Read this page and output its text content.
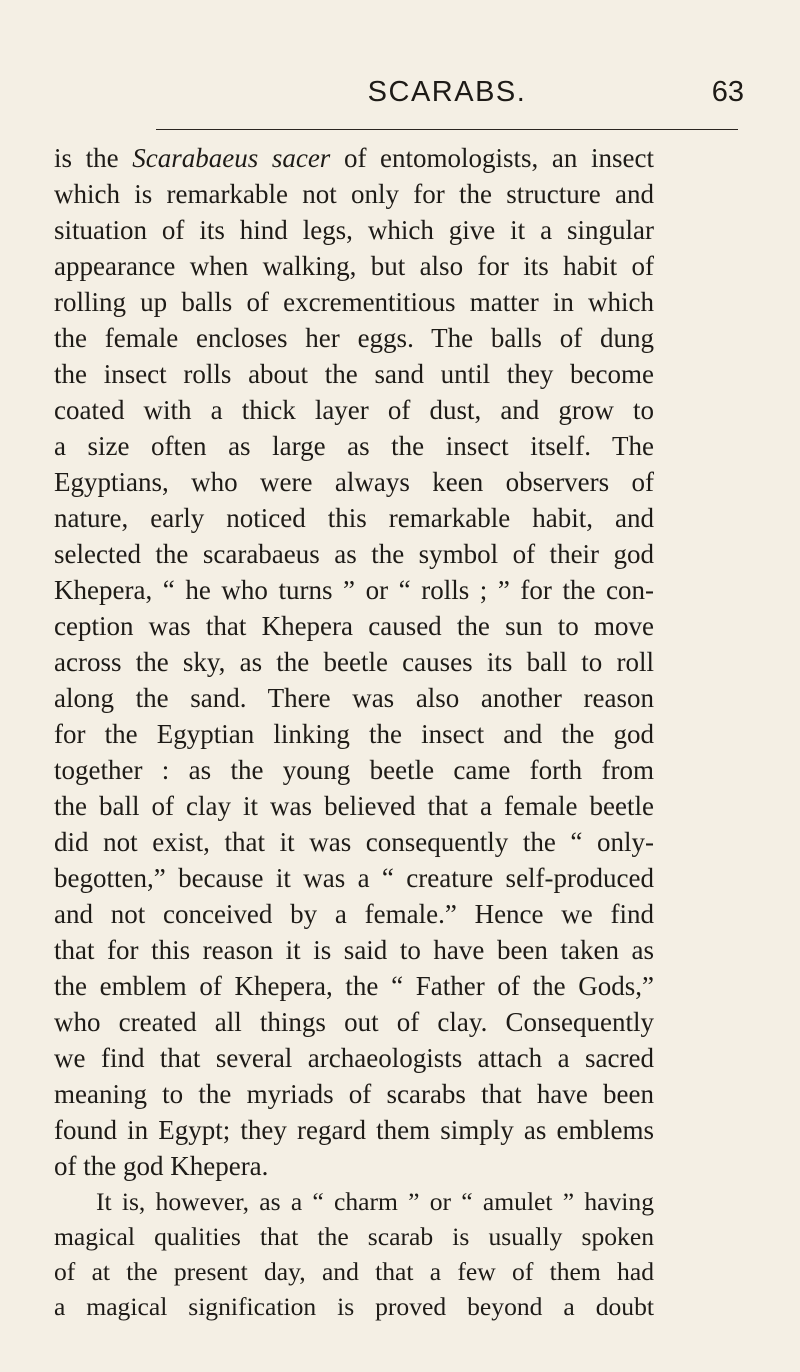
SCARABS.	63
is the Scarabaeus sacer of entomologists, an insect
which is remarkable not only for the structure and
situation of its hind legs, which give it a singular
appearance when walking, but also for its habit of
rolling up balls of excrementitious matter in which
the female encloses her eggs. The balls of dung
the insect rolls about the sand until they become
coated with a thick layer of dust, and grow to
a size often as large as the insect itself. The
Egyptians, who were always keen observers of
nature, early noticed this remarkable habit, and
selected the scarabaeus as the symbol of their god
Khepera, “ he who turns ” or “ rolls ; ” for the con-
ception was that Khepera caused the sun to move
across the sky, as the beetle causes its ball to roll
along the sand. There was also another reason
for the Egyptian linking the insect and the god
together : as the young beetle came forth from
the ball of clay it was believed that a female beetle
did not exist, that it was consequently the “ only-
begotten,” because it was a “ creature self-produced
and not conceived by a female.” Hence we find
that for this reason it is said to have been taken as
the emblem of Khepera, the “ Father of the Gods,”
who created all things out of clay. Consequently
we find that several archaeologists attach a sacred
meaning to the myriads of scarabs that have been
found in Egypt; they regard them simply as emblems
of the god Khepera.
It is, however, as a “ charm ” or “ amulet ” having
magical qualities that the scarab is usually spoken
of at the present day, and that a few of them had
a magical signification is proved beyond a doubt
